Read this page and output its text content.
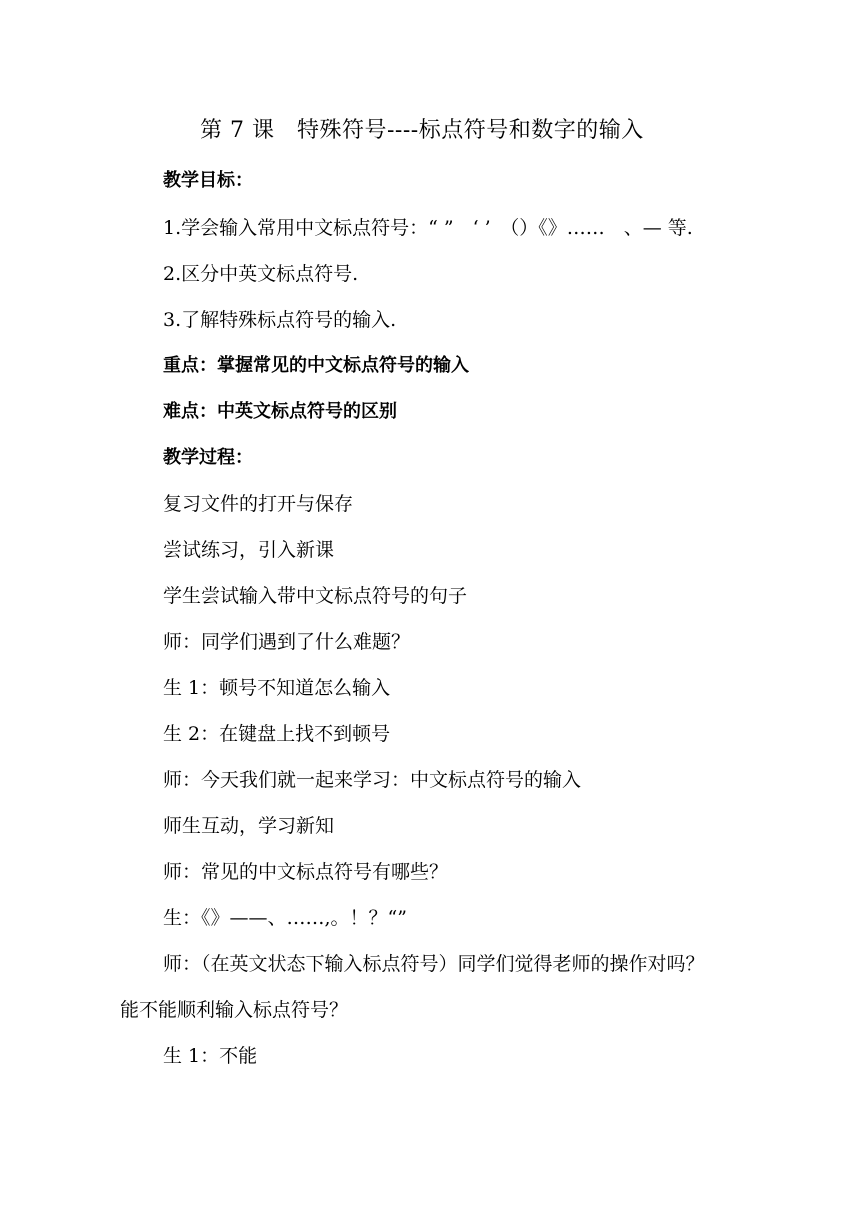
第 7 课　特殊符号----标点符号和数字的输入
教学目标：
1.学会输入常用中文标点符号：“ ”　‘ ’　（）《》……　、— 等.
2.区分中英文标点符号.
3.了解特殊标点符号的输入.
重点：掌握常见的中文标点符号的输入
难点：中英文标点符号的区别
教学过程：
复习文件的打开与保存
尝试练习，引入新课
学生尝试输入带中文标点符号的句子
师：同学们遇到了什么难题？
生 1：顿号不知道怎么输入
生 2：在键盘上找不到顿号
师：今天我们就一起来学习：中文标点符号的输入
师生互动，学习新知
师：常见的中文标点符号有哪些？
生：《》——、……,。！？“”
师：（在英文状态下输入标点符号）同学们觉得老师的操作对吗？
能不能顺利输入标点符号？
生 1：不能
